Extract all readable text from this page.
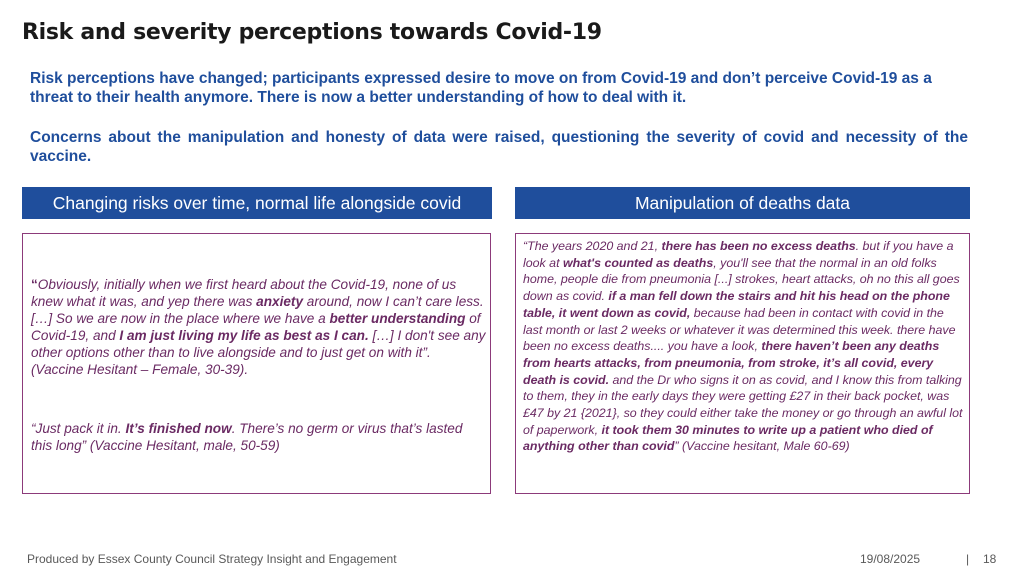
Risk and severity perceptions towards Covid-19

Risk perceptions have changed; participants expressed desire to move on from Covid-19 and don’t perceive Covid-19 as a threat to their health anymore. There is now a better understanding of how to deal with it.

Concerns about the manipulation and honesty of data were raised, questioning the severity of covid and necessity of the vaccine.

Changing risks over time, normal life alongside covid	Manipulation of deaths data

“Obviously, initially when we first heard about the Covid-19, none of us knew what it was, and yep there was anxiety around, now I can’t care less. […] So we are now in the place where we have a better understanding of Covid-19, and I am just living my life as best as I can. […] I don't see any other options other than to live alongside and to just get on with it”. (Vaccine Hesitant – Female, 30-39).

“Just pack it in. It’s finished now. There’s no germ or virus that’s lasted this long” (Vaccine Hesitant, male, 50-59)

“The years 2020 and 21, there has been no excess deaths. but if you have a look at what's counted as deaths, you'll see that the normal in an old folks home, people die from pneumonia [...] strokes, heart attacks, oh no this all goes down as covid. if a man fell down the stairs and hit his head on the phone table, it went down as covid, because had been in contact with covid in the last month or last 2 weeks or whatever it was determined this week. there have been no excess deaths.... you have a look, there haven’t been any deaths from hearts attacks, from pneumonia, from stroke, it’s all covid, every death is covid. and the Dr who signs it on as covid, and I know this from talking to them, they in the early days they were getting £27 in their back pocket, was £47 by 21 {2021}, so they could either take the money or go through an awful lot of paperwork, it took them 30 minutes to write up a patient who died of anything other than covid” (Vaccine hesitant, Male 60-69)

Produced by Essex County Council Strategy Insight and Engagement	19/08/2025	| 18
